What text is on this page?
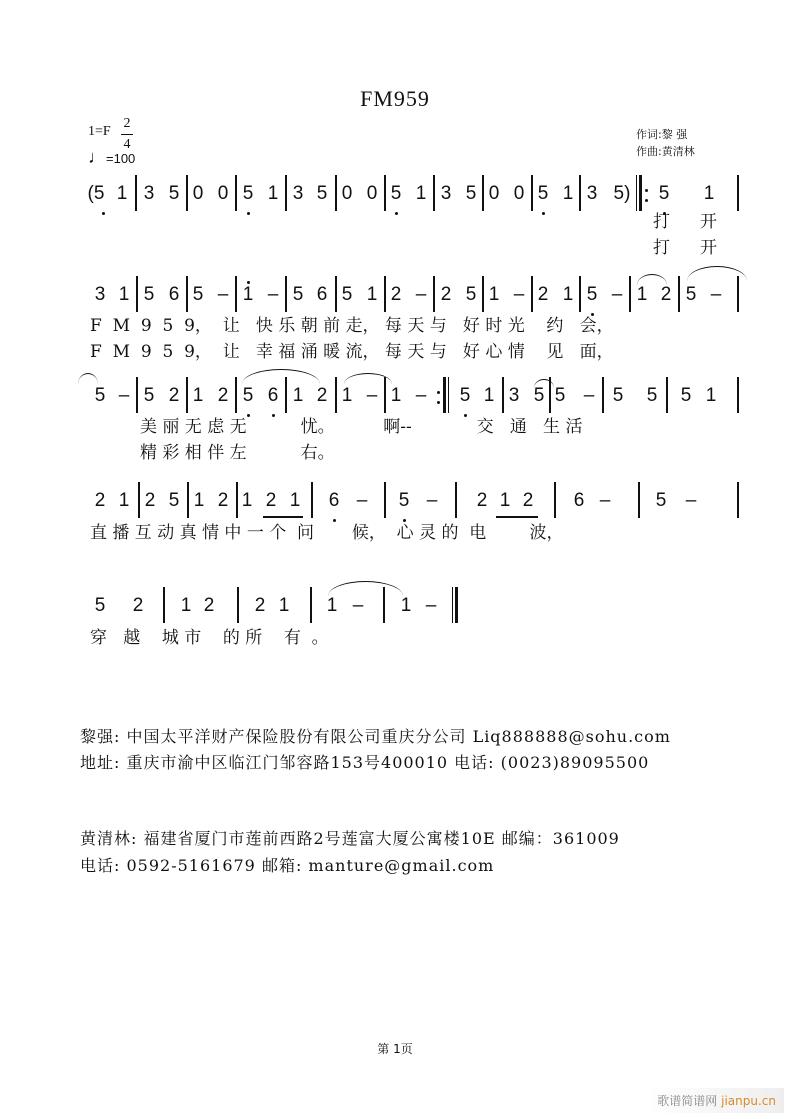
FM959
1=F
2
4
♩=100
作词:黎 强
作曲:黄清林
(5 1 3 5 0 0 5 1 3 5 0 0 5 1 3 5 0 0 5 1 3 5) 5 1
打 开
打 开
3 1 5 6 5 – 1 – 5 6 5 1 2 – 2 5 1 – 2 1 5 – 1 2 5 –
F  M  9  5  9，  让   快 乐 朝 前 走， 每 天 与   好 时 光    约   会，
F  M  9  5  9，  让   幸 福 涌 暖 流， 每 天 与   好 心 情    见   面，
5 – 5 2 1 2 5 6 1 2 1 – 1 – 5 1 3 5 5 – 5 5 5 1
美 丽 无 虑 无          忧。         啊--            交   通   生 活
精 彩 相 伴 左          右。
2 1 2 5 1 2 1 2 1 6 – 5 – 2 1 2 6 – 5 –
直 播 互 动 真 情 中 一 个  问       候，  心 灵 的  电        波，
5 2 1 2 2 1 1 – 1 –
穿   越    城 市    的 所    有  。
黎强: 中国太平洋财产保险股份有限公司重庆分公司 Liq888888@sohu.com
地址: 重庆市渝中区临江门邹容路153号400010 电话: (0023)89095500
黄清林: 福建省厦门市莲前西路2号莲富大厦公寓楼10E 邮编：361009
电话: 0592-5161679 邮箱: manture@gmail.com
第 1页
歌谱简谱网 jianpu.cn
